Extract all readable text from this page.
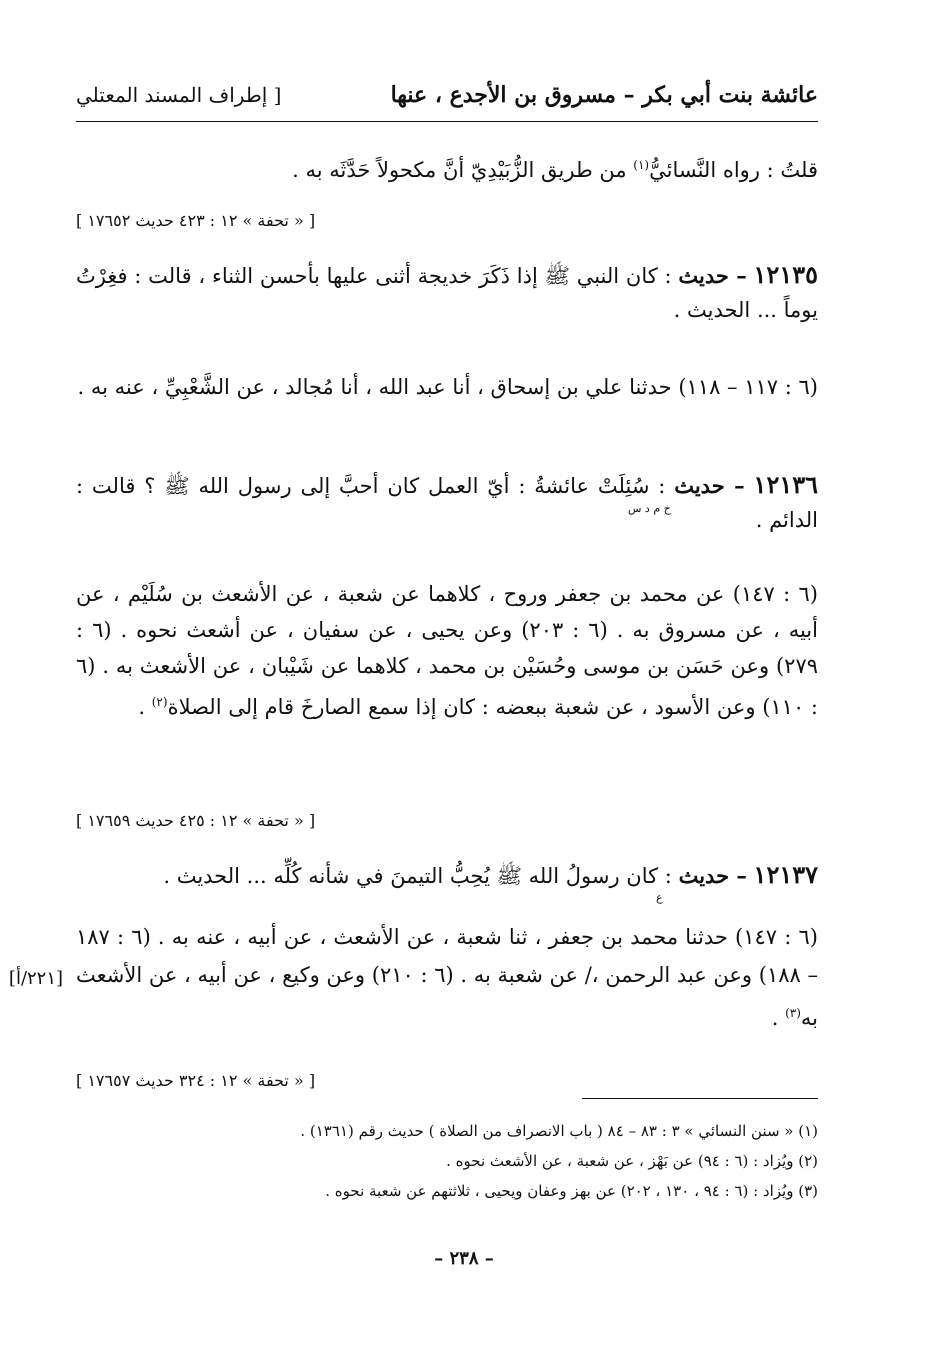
عائشة بنت أبي بكر – مسروق بن الأجدع ، عنها
[ إطراف المسند المعتلي
قلتُ : رواه النَّسائيُّ$^{(١)}$ من طريق الزُّبَيْدِيّ أنَّ مكحولاً حَدَّثَه به .
[ « تحفة » ١٢ : ٤٢٣ حديث ١٧٦٥٢ ]
١٢١٣٥ – حديث : كان النبي ﷺ إذا ذَكَرَ خديجة أثنى عليها بأحسن الثناء ، قالت : فغِرْتُ يوماً ... الحديث .
(٦ : ١١٧ – ١١٨) حدثنا علي بن إسحاق ، أنا عبد الله ، أنا مُجالد ، عن الشَّعْبِيِّ ، عنه به .
١٢١٣٦ – حديث : سُئِلَتْ عائشةُ : أيّ العمل كان أحبَّ إلى رسول الله ﷺ ؟ قالت : الدائم .
خ م د س
(٦ : ١٤٧) عن محمد بن جعفر وروح ، كلاهما عن شعبة ، عن الأشعث بن سُلَيْم ، عن أبيه ، عن مسروق به . (٦ : ٢٠٣) وعن يحيى ، عن سفيان ، عن أشعث نحوه . (٦ : ٢٧٩) وعن حَسَن بن موسى وحُسَيْن بن محمد ، كلاهما عن شَيْبان ، عن الأشعث به . (٦ : ١١٠) وعن الأسود ، عن شعبة ببعضه : كان إذا سمع الصارخَ قام إلى الصلاة$^{(٢)}$ .
[ « تحفة » ١٢ : ٤٢٥ حديث ١٧٦٥٩ ]
١٢١٣٧ – حديث : كان رسولُ الله ﷺ يُحِبُّ التيمنَ في شأنه كُلِّه ... الحديث .
ع
(٦ : ١٤٧) حدثنا محمد بن جعفر ، ثنا شعبة ، عن الأشعث ، عن أبيه ، عنه به . (٦ : ١٨٧ – ١٨٨) وعن عبد الرحمن ،/ عن شعبة به . (٦ : ٢١٠) وعن وكيع ، عن أبيه ، عن الأشعث به$^{(٣)}$ .
[٢٢١/أ]
[ « تحفة » ١٢ : ٣٢٤ حديث ١٧٦٥٧ ]
(١) « سنن النسائي » ٣ : ٨٣ – ٨٤ ( باب الانصراف من الصلاة ) حديث رقم (١٣٦١) .
(٢) ويُزاد : (٦ : ٩٤) عن بَهْز ، عن شعبة ، عن الأشعث نحوه .
(٣) ويُزاد : (٦ : ٩٤ ، ١٣٠ ، ٢٠٢) عن بهز وعفان ويحيى ، ثلاثتهم عن شعبة نحوه .
– ٢٣٨ –
